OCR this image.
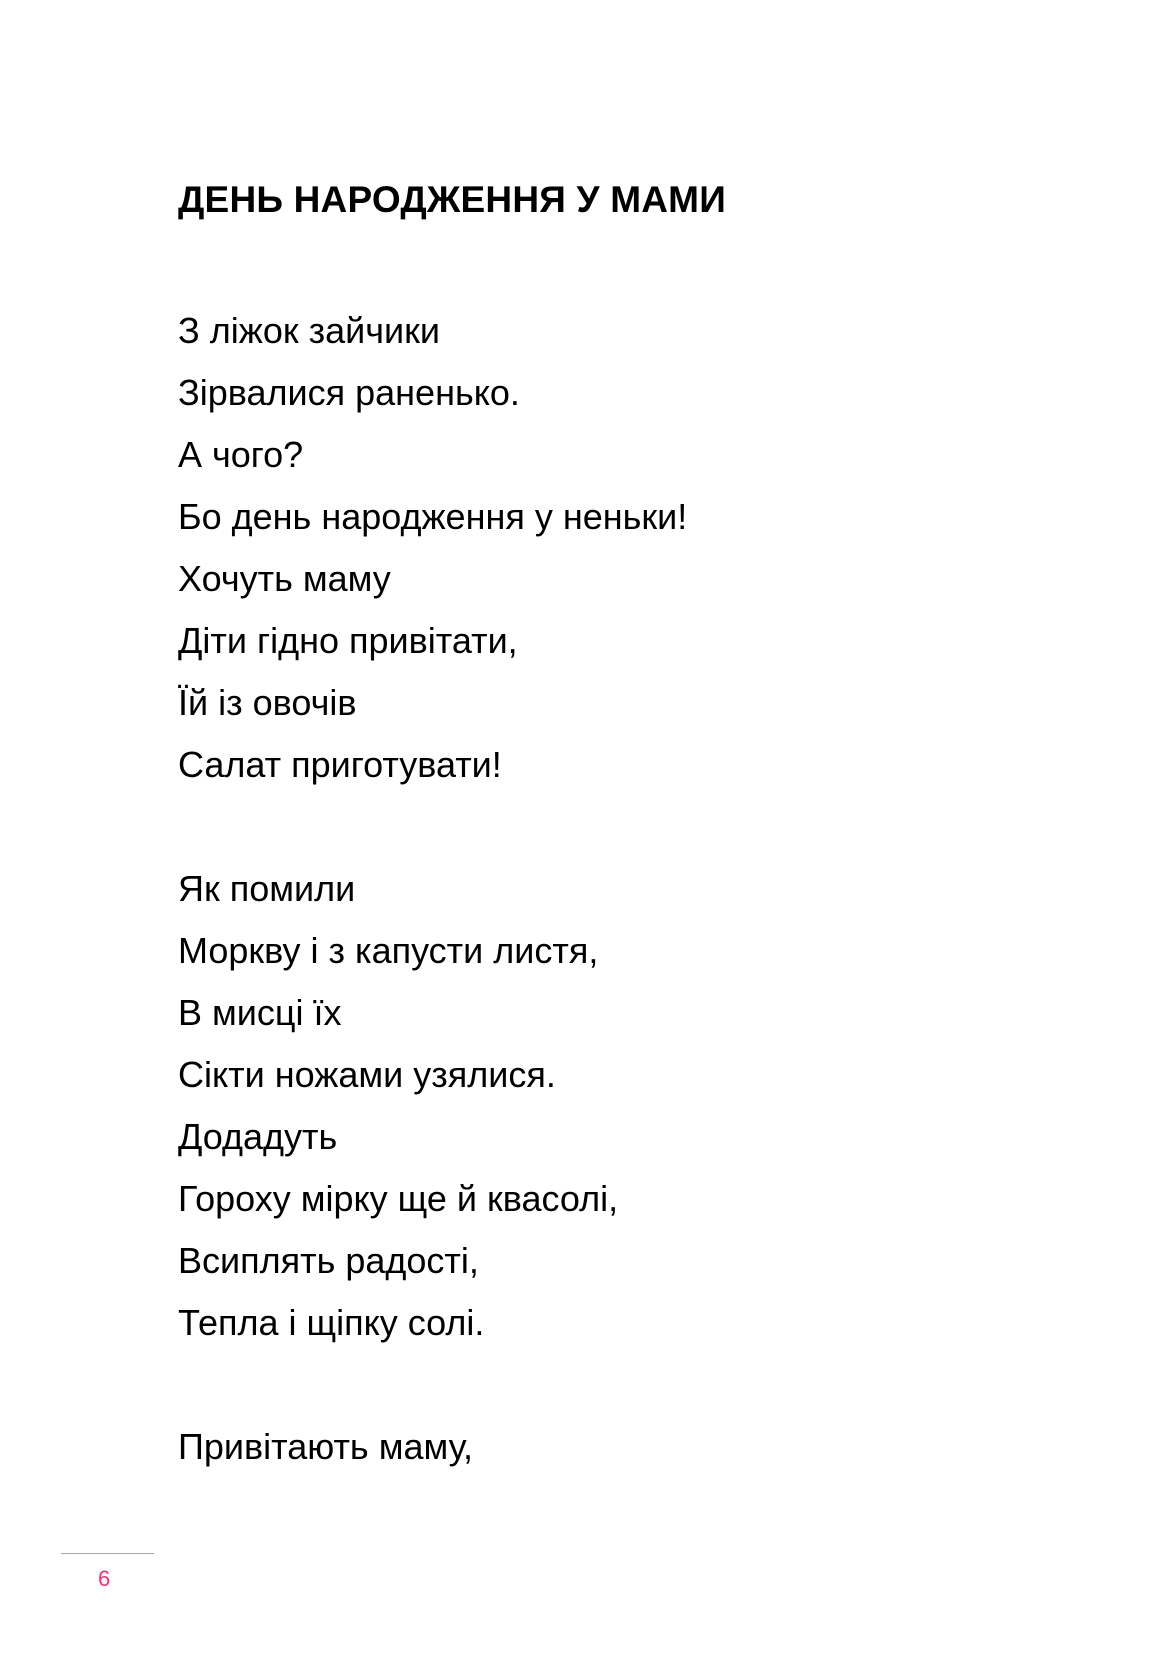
ДЕНЬ НАРОДЖЕННЯ У МАМИ
З ліжок зайчики
Зірвалися раненько.
А чого?
Бо день народження у неньки!
Хочуть маму
Діти гідно привітати,
Їй із овочів
Салат приготувати!
Як помили
Моркву і з капусти листя,
В мисці їх
Сікти ножами узялися.
Додадуть
Гороху мірку ще й квасолі,
Всиплять радості,
Тепла і щіпку солі.
Привітають маму,
6
